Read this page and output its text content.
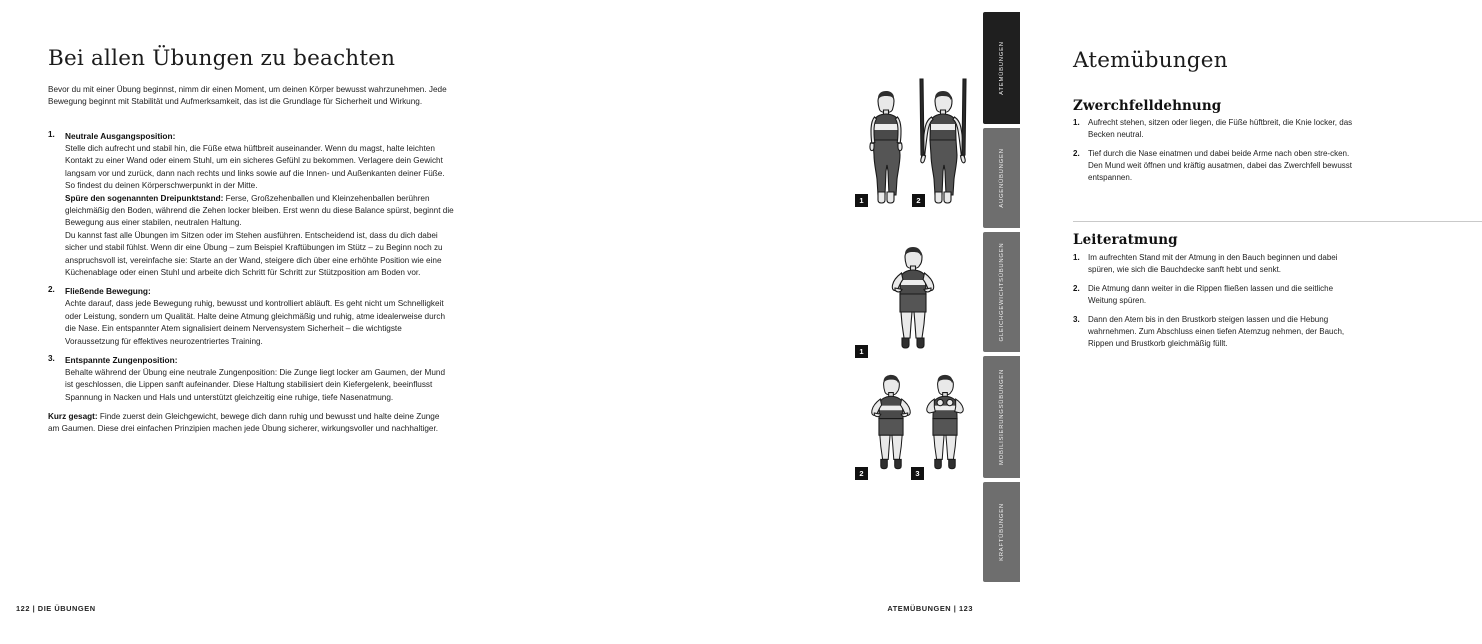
Bei allen Übungen zu beachten

Bevor du mit einer Übung beginnst, nimm dir einen Moment, um deinen Körper bewusst wahrzunehmen. Jede Bewegung beginnt mit Stabilität und Aufmerksamkeit, das ist die Grundlage für Sicherheit und Wirkung.

1.	Neutrale Ausgangsposition:
Stelle dich aufrecht und stabil hin, die Füße etwa hüftbreit auseinander. Wenn du magst, halte leichten Kontakt zu einer Wand oder einem Stuhl, um ein sicheres Gefühl zu bekommen. Verlagere dein Gewicht langsam vor und zurück, dann nach rechts und links sowie auf die Innen- und Außenkanten deiner Füße. So findest du deinen Körperschwerpunkt in der Mitte.
Spüre den sogenannten Dreipunktstand: Ferse, Großzehenballen und Kleinzehenballen berühren gleichmäßig den Boden, während die Zehen locker bleiben. Erst wenn du diese Balance spürst, beginnt die Bewegung aus einer stabilen, neutralen Haltung.
Du kannst fast alle Übungen im Sitzen oder im Stehen ausführen. Entscheidend ist, dass du dich dabei sicher und stabil fühlst. Wenn dir eine Übung – zum Beispiel Kraftübungen im Stütz – zu Beginn noch zu anspruchsvoll ist, vereinfache sie: Starte an der Wand, steigere dich über eine erhöhte Position wie eine Küchenablage oder einen Stuhl und arbeite dich Schritt für Schritt zur Stützposition am Boden vor.
2.	Fließende Bewegung:
Achte darauf, dass jede Bewegung ruhig, bewusst und kontrolliert abläuft. Es geht nicht um Schnelligkeit oder Leistung, sondern um Qualität. Halte deine Atmung gleichmäßig und ruhig, atme idealerweise durch die Nase. Ein entspannter Atem signalisiert deinem Nervensystem Sicherheit – die wichtigste Voraussetzung für effektives neurozentriertes Training.
3.	Entspannte Zungenposition:
Behalte während der Übung eine neutrale Zungenposition: Die Zunge liegt locker am Gaumen, der Mund ist geschlossen, die Lippen sanft aufeinander. Diese Haltung stabilisiert dein Kiefergelenk, beeinflusst Spannung in Nacken und Hals und unterstützt gleichzeitig eine ruhige, tiefe Nasenatmung.

Kurz gesagt: Finde zuerst dein Gleichgewicht, bewege dich dann ruhig und bewusst und halte deine Zunge am Gaumen. Diese drei einfachen Prinzipien machen jede Übung sicherer, wirkungsvoller und nachhaltiger.

Atemübungen
Zwerchfelldehnung
1. Aufrecht stehen, sitzen oder liegen, die Füße hüftbreit, die Knie locker, das Becken neutral.
2. Tief durch die Nase einatmen und dabei beide Arme nach oben stre-cken. Den Mund weit öffnen und kräftig ausatmen, dabei das Zwerchfell bewusst entspannen.
Leiteratmung
1. Im aufrechten Stand mit der Atmung in den Bauch beginnen und dabei spüren, wie sich die Bauchdecke sanft hebt und senkt.
2. Die Atmung dann weiter in die Rippen fließen lassen und die seitliche Weitung spüren.
3. Dann den Atem bis in den Brustkorb steigen lassen und die Hebung wahrnehmen. Zum Abschluss einen tiefen Atemzug nehmen, der Bauch, Rippen und Brustkorb gleichmäßig füllt.
1	2
1
2	3
ATEMÜBUNGEN
AUGENÜBUNGEN
GLEICHGEWICHTSÜBUNGEN
MOBILISIERUNGSÜBUNGEN
KRAFTÜBUNGEN
122 | DIE ÜBUNGEN	ATEMÜBUNGEN | 123
